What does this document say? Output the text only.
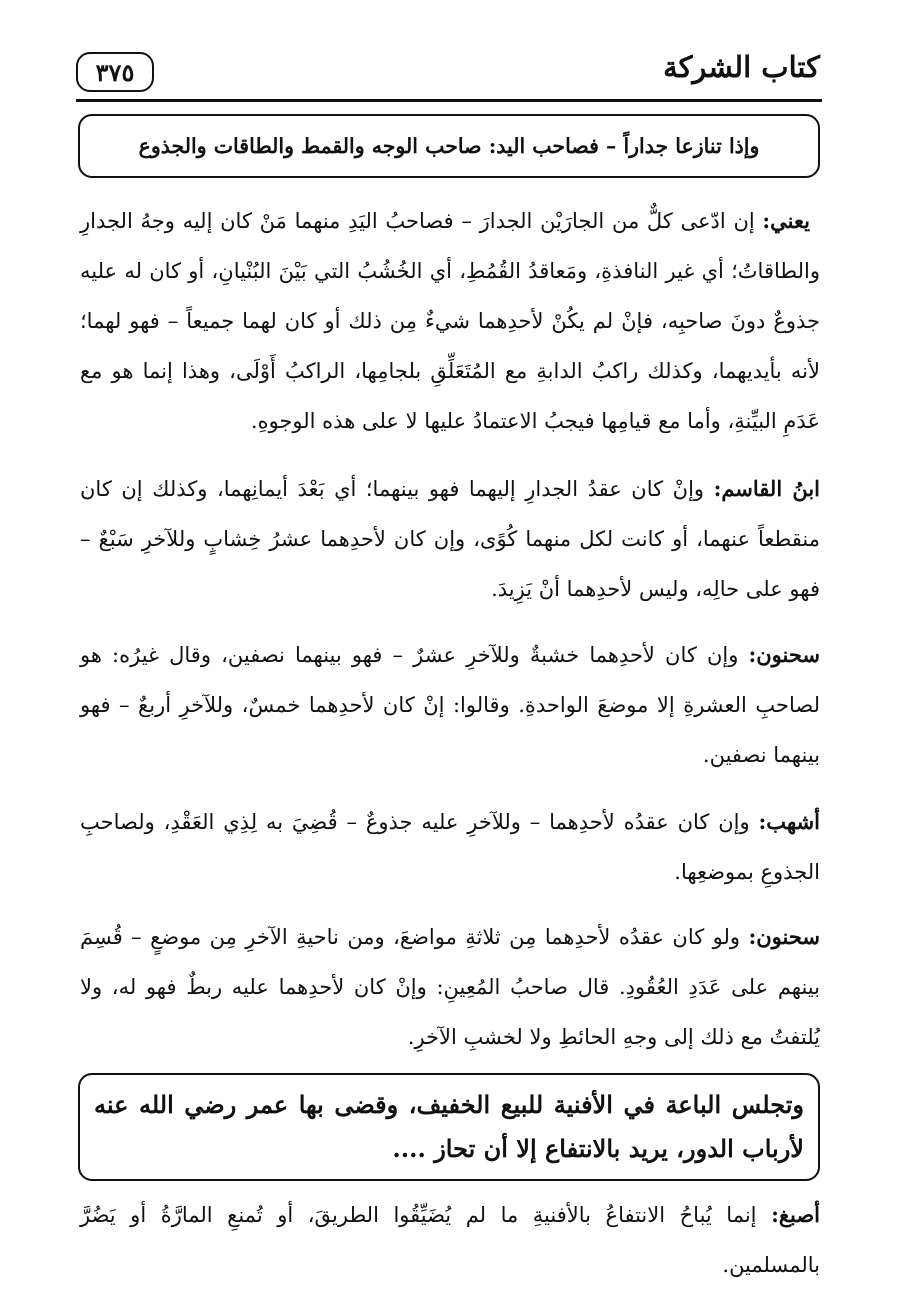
كتاب الشركة
٣٧٥
وإذا تنازعا جداراً – فصاحب اليد: صاحب الوجه والقمط والطاقات والجذوع

يعني: إن ادّعى كلٌّ من الجارَيْن الجدارَ – فصاحبُ اليَدِ منهما مَنْ كان إليه وجهُ الجدارِ والطاقاتُ؛ أي غير النافذةِ، ومَعاقدُ القُمُطِ، أي الخُشُبُ التي بَيْنَ البُنْيانِ، أو كان له عليه جذوعٌ دونَ صاحبِه، فإنْ لم يكُنْ لأحدِهما شيءٌ مِن ذلك أو كان لهما جميعاً – فهو لهما؛ لأنه بأيديهما، وكذلك راكبُ الدابةِ مع المُتَعَلِّقِ بلجامِها، الراكبُ أَوْلَى، وهذا إنما هو مع عَدَمِ البيِّنةِ، وأما مع قيامِها فيجبُ الاعتمادُ عليها لا على هذه الوجوهِ.

ابنُ القاسم: وإنْ كان عقدُ الجدارِ إليهما فهو بينهما؛ أي بَعْدَ أيمانِهما، وكذلك إن كان منقطعاً عنهما، أو كانت لكل منهما كُوًى، وإن كان لأحدِهما عشرُ خِشابٍ وللآخرِ سَبْعٌ – فهو على حالِه، وليس لأحدِهما أنْ يَزِيدَ.

سحنون: وإن كان لأحدِهما خشبةٌ وللآخرِ عشرٌ – فهو بينهما نصفين، وقال غيرُه: هو لصاحبِ العشرةِ إلا موضعَ الواحدةِ. وقالوا: إنْ كان لأحدِهما خمسٌ، وللآخرِ أربعٌ – فهو بينهما نصفين.

أشهب: وإن كان عقدُه لأحدِهما – وللآخرِ عليه جذوعٌ – قُضِيَ به لِذِي العَقْدِ، ولصاحبِ الجذوعِ بموضعِها.

سحنون: ولو كان عقدُه لأحدِهما مِن ثلاثةِ مواضعَ، ومن ناحيةِ الآخرِ مِن موضعٍ – قُسِمَ بينهم على عَدَدِ العُقُودِ. قال صاحبُ المُعِينِ: وإنْ كان لأحدِهما عليه ربطٌ فهو له، ولا يُلتفتُ مع ذلك إلى وجهِ الحائطِ ولا لخشبِ الآخرِ.

وتجلس الباعة في الأفنية للبيع الخفيف، وقضى بها عمر رضي الله عنه لأرباب الدور، يريد بالانتفاع إلا أن تحاز ....

أصبغ: إنما يُباحُ الانتفاعُ بالأفنيةِ ما لم يُضَيِّقُوا الطريقَ، أو تُمنعِ المارَّةُ أو يَضُرَّ بالمسلمين.
